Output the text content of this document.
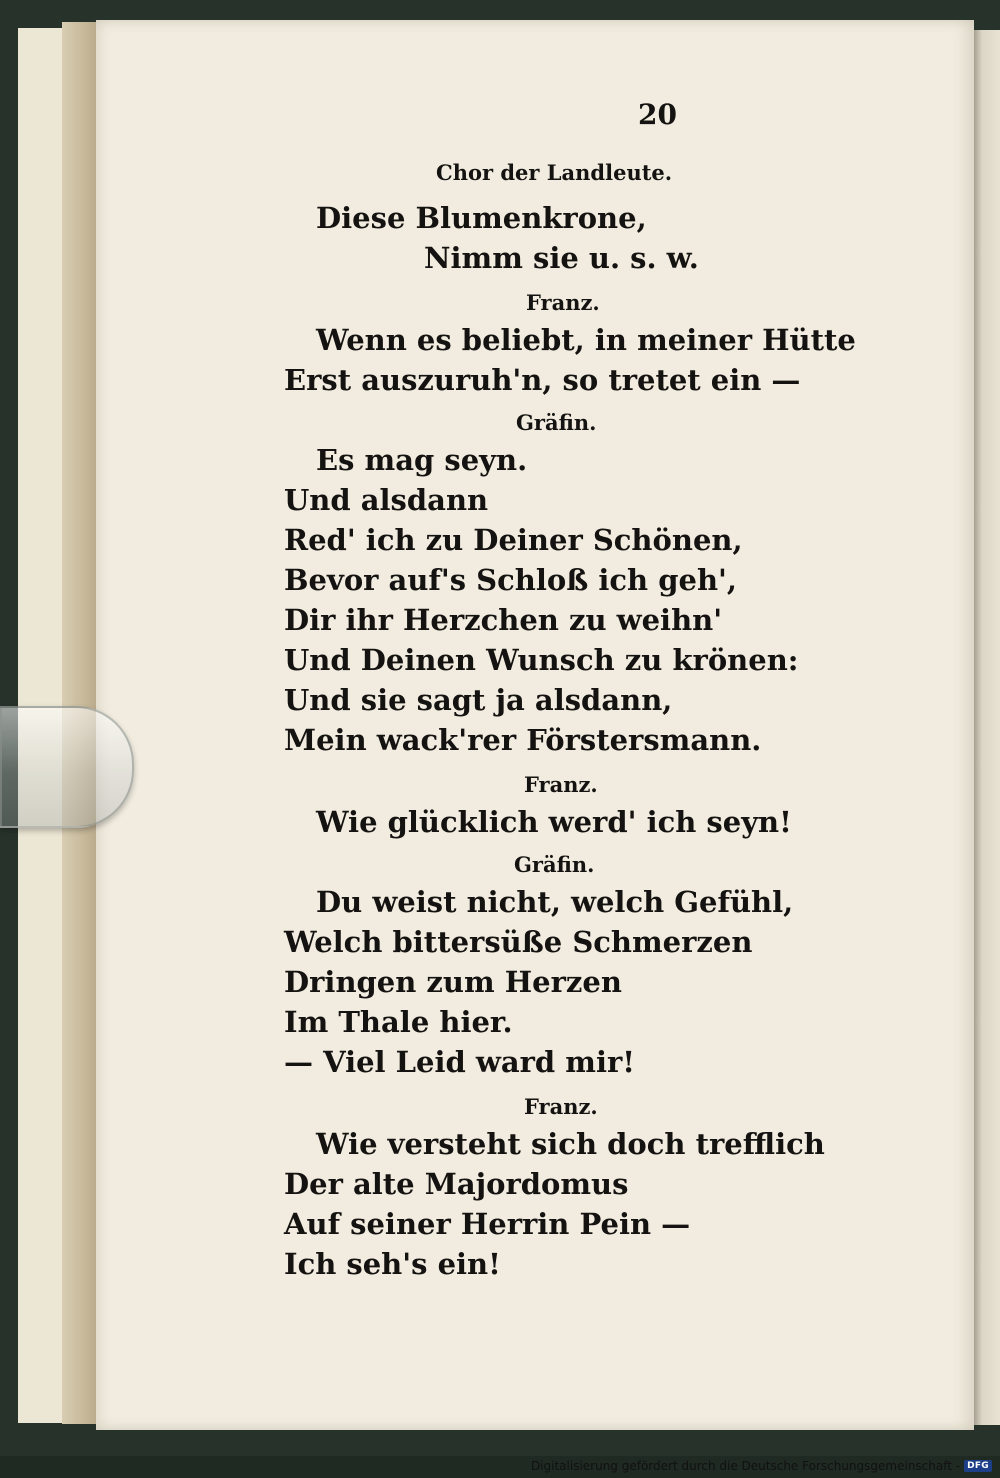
20
Chor der Landleute.
Diese Blumenkrone,
Nimm sie u. s. w.
Franz.
Wenn es beliebt, in meiner Hütte
Erst auszuruh'n, so tretet ein —
Gräfin.
Es mag seyn.
Und alsdann
Red' ich zu Deiner Schönen,
Bevor auf's Schloß ich geh',
Dir ihr Herzchen zu weihn'
Und Deinen Wunsch zu krönen:
Und sie sagt ja alsdann,
Mein wack'rer Förstersmann.
Franz.
Wie glücklich werd' ich seyn!
Gräfin.
Du weist nicht, welch Gefühl,
Welch bittersüße Schmerzen
Dringen zum Herzen
Im Thale hier.
— Viel Leid ward mir!
Franz.
Wie versteht sich doch trefflich
Der alte Majordomus
Auf seiner Herrin Pein —
Ich seh's ein!
Digitalisierung gefördert durch die Deutsche Forschungsgemeinschaft - DFG
